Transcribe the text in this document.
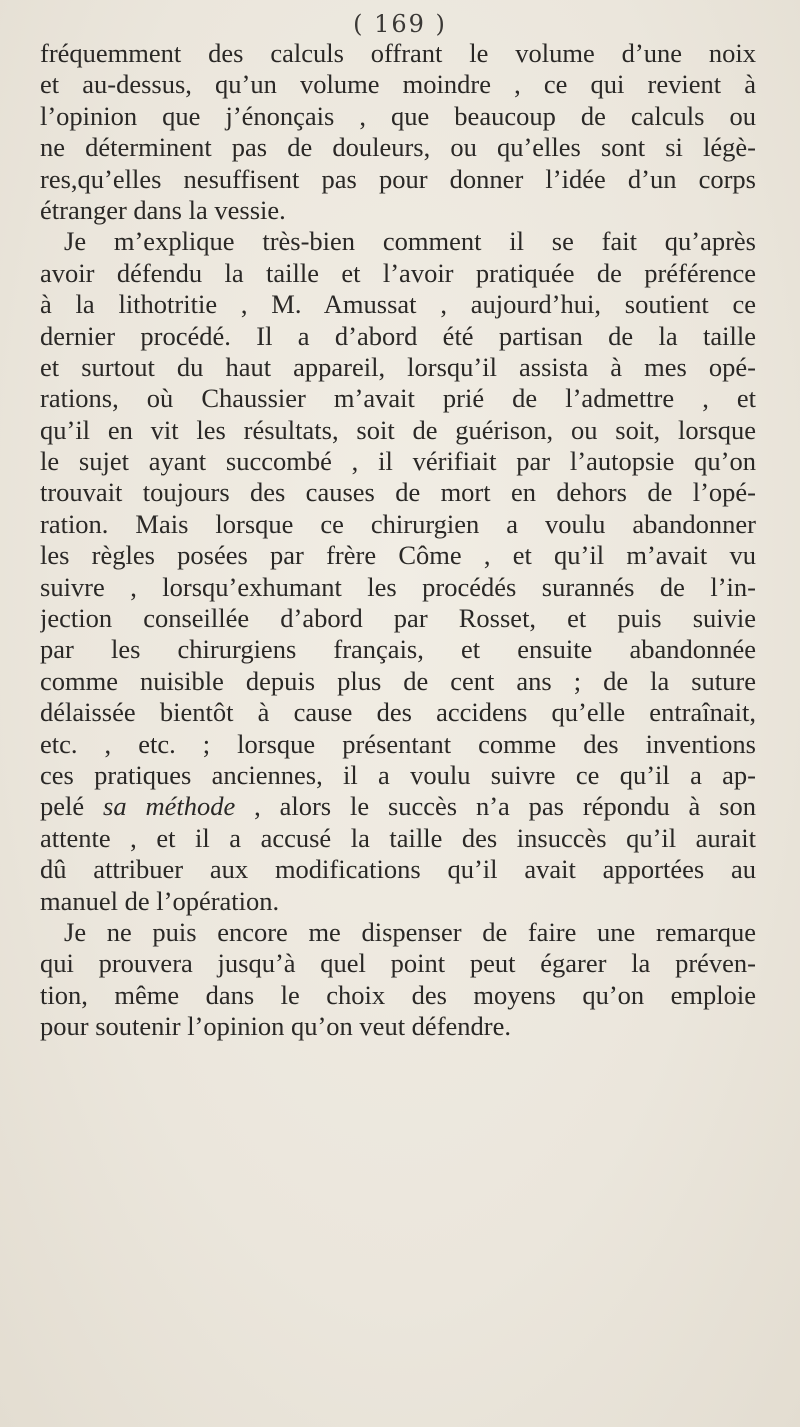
( 169 )
fréquemment des calculs offrant le volume d’une noix
et au-dessus, qu’un volume moindre , ce qui revient à
l’opinion que j’énonçais , que beaucoup de calculs ou
ne déterminent pas de douleurs, ou qu’elles sont si légè-
res,qu’elles nesuffisent pas pour donner l’idée d’un corps
étranger dans la vessie.
Je m’explique très-bien comment il se fait qu’après
avoir défendu la taille et l’avoir pratiquée de préférence
à la lithotritie , M. Amussat , aujourd’hui, soutient ce
dernier procédé. Il a d’abord été partisan de la taille
et surtout du haut appareil, lorsqu’il assista à mes opé-
rations, où Chaussier m’avait prié de l’admettre , et
qu’il en vit les résultats, soit de guérison, ou soit, lorsque
le sujet ayant succombé , il vérifiait par l’autopsie qu’on
trouvait toujours des causes de mort en dehors de l’opé-
ration. Mais lorsque ce chirurgien a voulu abandonner
les règles posées par frère Côme , et qu’il m’avait vu
suivre , lorsqu’exhumant les procédés surannés de l’in-
jection conseillée d’abord par Rosset, et puis suivie
par les chirurgiens français, et ensuite abandonnée
comme nuisible depuis plus de cent ans ; de la suture
délaissée bientôt à cause des accidens qu’elle entraînait,
etc. , etc. ; lorsque présentant comme des inventions
ces pratiques anciennes, il a voulu suivre ce qu’il a ap-
pelé sa méthode , alors le succès n’a pas répondu à son
attente , et il a accusé la taille des insuccès qu’il aurait
dû attribuer aux modifications qu’il avait apportées au
manuel de l’opération.
Je ne puis encore me dispenser de faire une remarque
qui prouvera jusqu’à quel point peut égarer la préven-
tion, même dans le choix des moyens qu’on emploie
pour soutenir l’opinion qu’on veut défendre.
